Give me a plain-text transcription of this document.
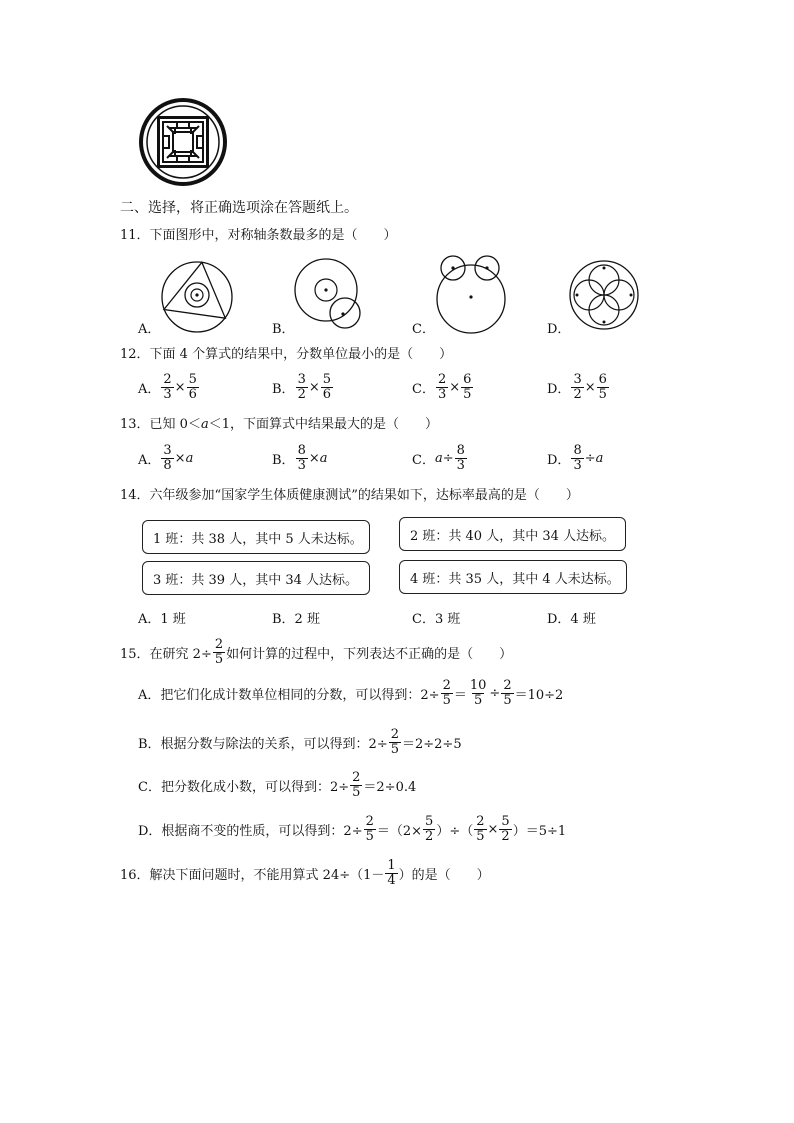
二、选择，将正确选项涂在答题纸上。
11．下面图形中，对称轴条数最多的是（　　）
A．	B．	C．	D．
12．下面 4 个算式的结果中，分数单位最小的是（　　）
A． $\frac{2}{3} \times \frac{5}{6}$	B． $\frac{3}{2} \times \frac{5}{6}$	C． $\frac{2}{3} \times \frac{6}{5}$	D． $\frac{3}{2} \times \frac{6}{5}$
13．已知 0＜a＜1，下面算式中结果最大的是（　　）
A． $\frac{3}{8} \times a$	B． $\frac{8}{3} \times a$	C． $a \div \frac{8}{3}$	D． $\frac{8}{3} \div a$
14．六年级参加“国家学生体质健康测试”的结果如下，达标率最高的是（　　）
1 班：共 38 人，其中 5 人未达标。	2 班：共 40 人，其中 34 人达标。
3 班：共 39 人，其中 34 人达标。	4 班：共 35 人，其中 4 人未达标。
A．1 班	B．2 班	C．3 班	D．4 班
15．在研究 $2\div \frac{2}{5}$ 如何计算的过程中，下列表达不正确的是（　　）
A．把它们化成计数单位相同的分数，可以得到：$2\div \frac{2}{5} = \frac{10}{5} \div \frac{2}{5} =10\div 2$
B．根据分数与除法的关系，可以得到：$2\div \frac{2}{5} =2\div 2\div 5$
C．把分数化成小数，可以得到：$2\div \frac{2}{5} =2\div 0.4$
D．根据商不变的性质，可以得到：$2\div \frac{2}{5} =(2\times \frac{5}{2}$ ）÷（ $\frac{2}{5} \times \frac{5}{2} )=5\div 1$
16．解决下面问题时，不能用算式 $24\div(1- \frac{1}{4}$ ）的是（　　）
